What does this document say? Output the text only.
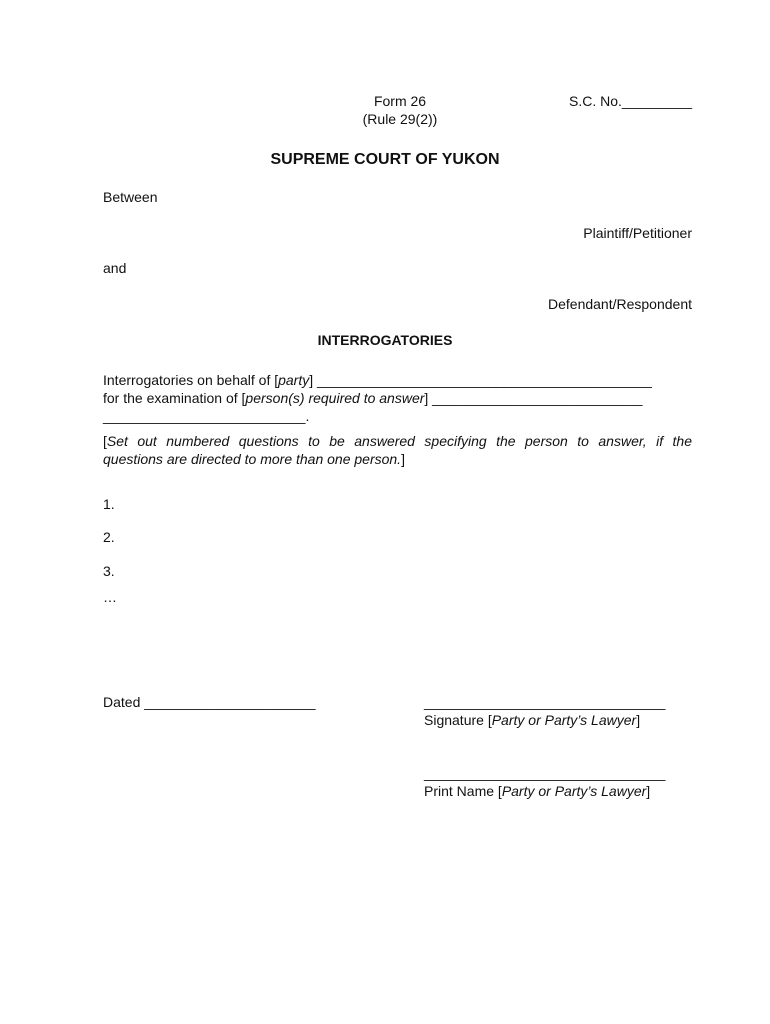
Form 26
(Rule 29(2))
S.C. No._________
SUPREME COURT OF YUKON
Between
Plaintiff/Petitioner
and
Defendant/Respondent
INTERROGATORIES
Interrogatories on behalf of [party] ___________________________________________
for the examination of [person(s) required to answer] ___________________________
__________________________.
[Set out numbered questions to be answered specifying the person to answer, if the
questions are directed to more than one person.]
1.
2.
3.
…
Dated ______________________	_______________________________
Signature [Party or Party’s Lawyer]
_______________________________
Print Name [Party or Party’s Lawyer]
